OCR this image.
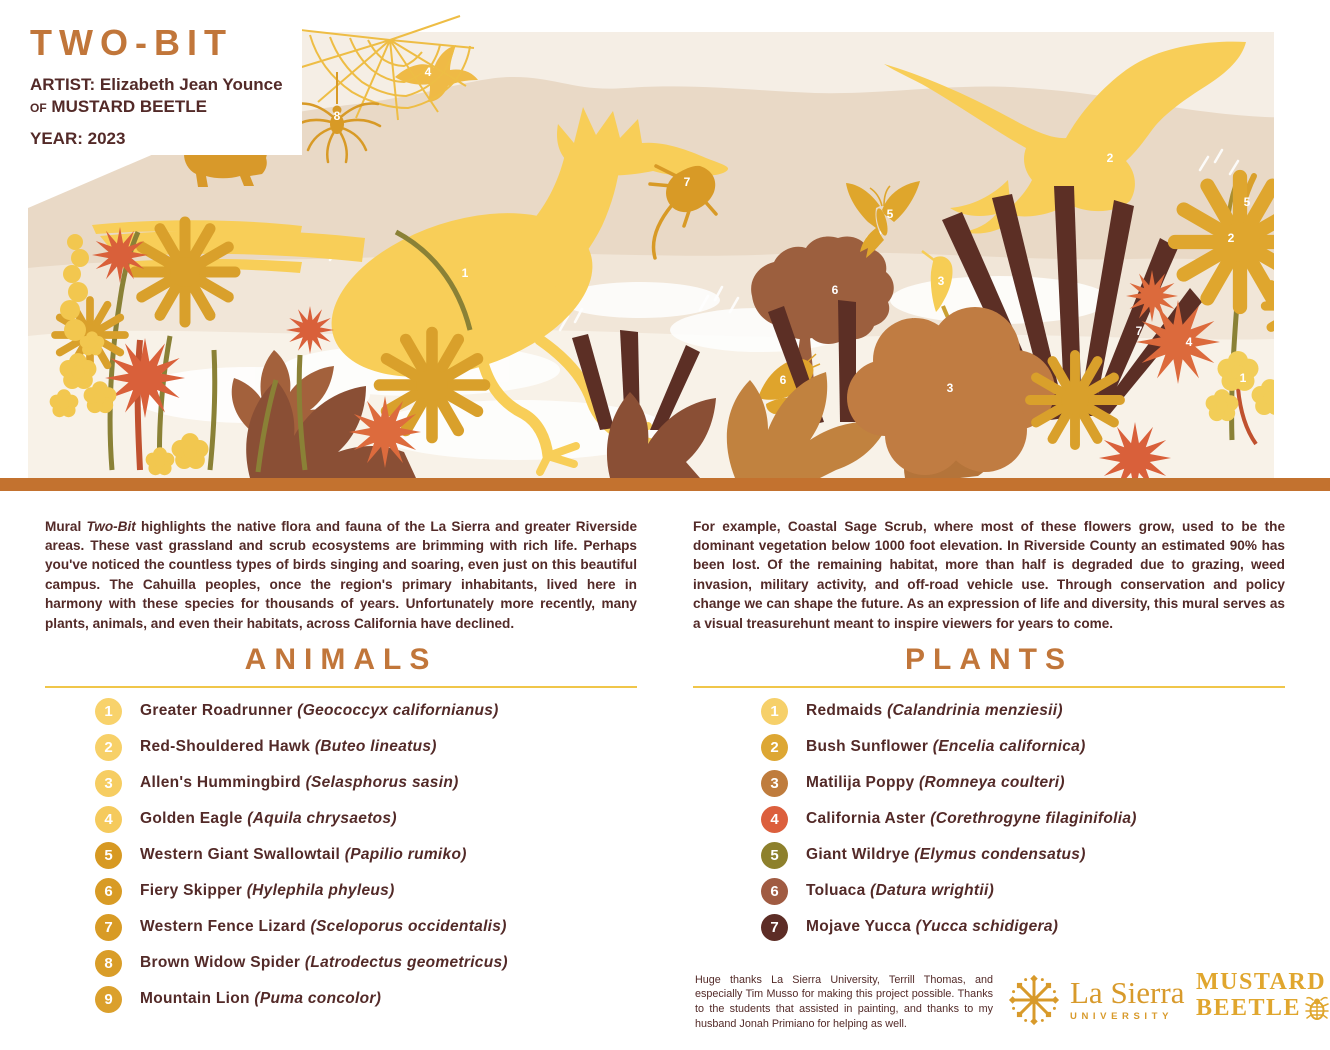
1
2
3
4
5
6
7
8
1
2
3
4
5
6
7
TWO-BIT
ARTIST: Elizabeth Jean Younce
OF MUSTARD BEETLE
YEAR: 2023

Mural Two-Bit highlights the native flora and fauna of the La Sierra and greater Riverside areas. These vast grassland and scrub ecosystems are brimming with rich life. Perhaps you've noticed the countless types of birds singing and soaring, even just on this beautiful campus. The Cahuilla peoples, once the region's primary inhabitants, lived here in harmony with these species for thousands of years. Unfortunately more recently, many plants, animals, and even their habitats, across California have declined.

For example, Coastal Sage Scrub, where most of these flowers grow, used to be the dominant vegetation below 1000 foot elevation. In Riverside County an estimated 90% has been lost. Of the remaining habitat, more than half is degraded due to grazing, weed invasion, military activity, and off-road vehicle use. Through conservation and policy change we can shape the future. As an expression of life and diversity, this mural serves as a visual treasurehunt meant to inspire viewers for years to come.

ANIMALS
1	Greater Roadrunner (Geococcyx californianus)
2	Red-Shouldered Hawk (Buteo lineatus)
3	Allen's Hummingbird (Selasphorus sasin)
4	Golden Eagle (Aquila chrysaetos)
5	Western Giant Swallowtail (Papilio rumiko)
6	Fiery Skipper (Hylephila phyleus)
7	Western Fence Lizard (Sceloporus occidentalis)
8	Brown Widow Spider (Latrodectus geometricus)
9	Mountain Lion (Puma concolor)
PLANTS
1	Redmaids (Calandrinia menziesii)
2	Bush Sunflower (Encelia californica)
3	Matilija Poppy (Romneya coulteri)
4	California Aster (Corethrogyne filaginifolia)
5	Giant Wildrye (Elymus condensatus)
6	Toluaca (Datura wrightii)
7	Mojave Yucca (Yucca schidigera)

Huge thanks La Sierra University, Terrill Thomas, and especially Tim Musso for making this project possible. Thanks to the students that assisted in painting, and thanks to my husband Jonah Primiano for helping as well.

La Sierra
UNIVERSITY
MUSTARD
BEETLE
